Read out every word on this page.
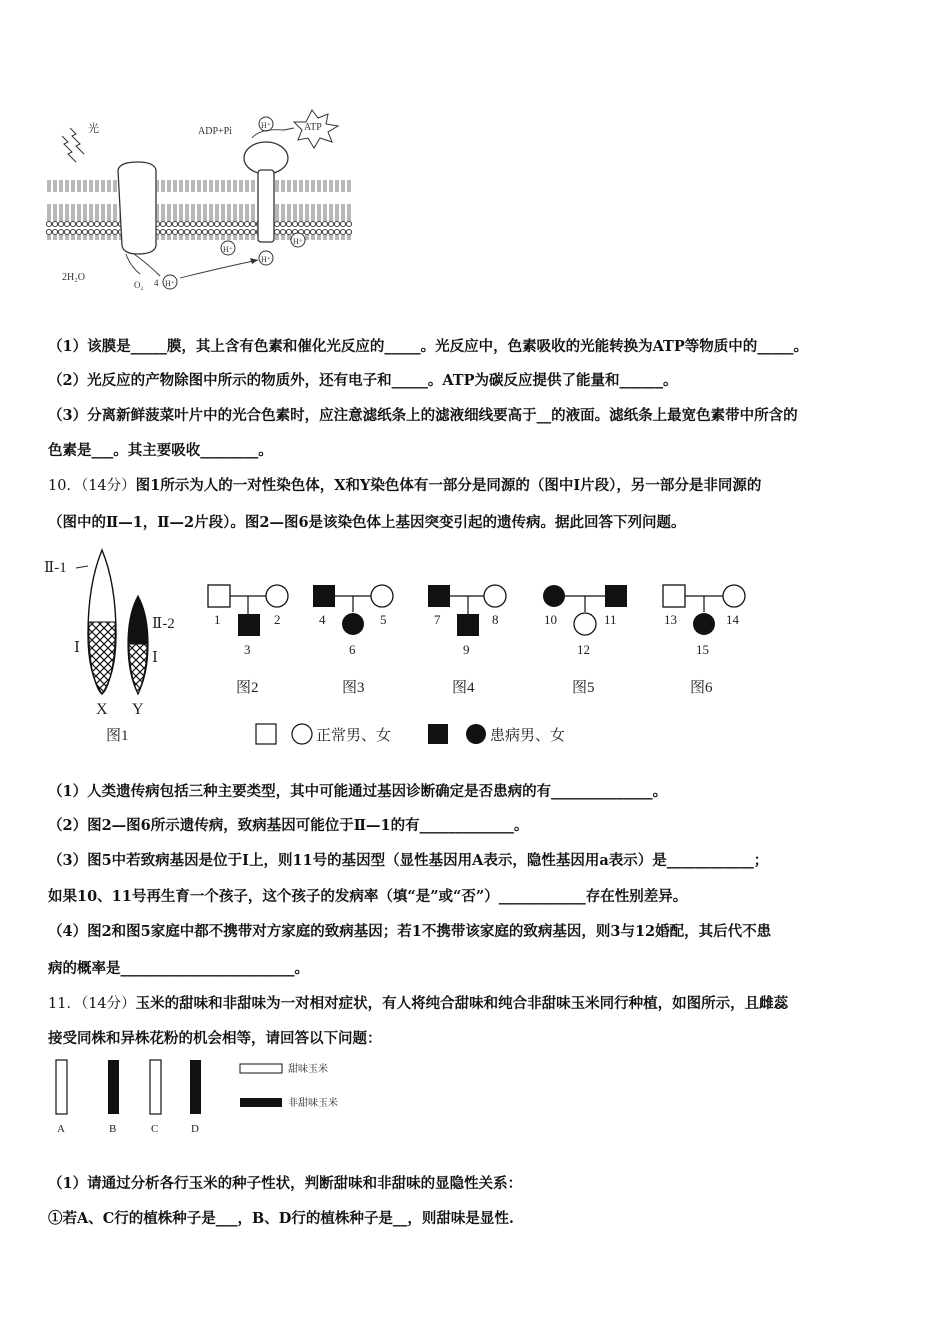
光	ATP
ADP+Pi
H⁺
H⁺
H⁺
H⁺
H⁺
2H₂O
O₂ 4
（1）该膜是_____膜，其上含有色素和催化光反应的_____。光反应中，色素吸收的光能转换为ATP等物质中的_____。
（2）光反应的产物除图中所示的物质外，还有电子和_____。ATP为碳反应提供了能量和______。
（3）分离新鲜菠菜叶片中的光合色素时，应注意滤纸条上的滤液细线要高于__的液面。滤纸条上最宽色素带中所含的
色素是___。其主要吸收________。
10．（14分）图1所示为人的一对性染色体，X和Y染色体有一部分是同源的（图中Ⅰ片段），另一部分是非同源的
（图中的Ⅱ—1，Ⅱ—2片段）。图2—图6是该染色体上基因突变引起的遗传病。据此回答下列问题。
Ⅱ-1
Ⅱ-2
Ⅰ
Ⅰ
X Y
图1
1	2
3
图2
4	5
6
图3
7	8
9
图4
10	11
12
图5
13	14
15
图6
正常男、女	患病男、女
（1）人类遗传病包括三种主要类型，其中可能通过基因诊断确定是否患病的有______________。
（2）图2—图6所示遗传病，致病基因可能位于Ⅱ—1的有_____________。
（3）图5中若致病基因是位于Ⅰ上，则11号的基因型（显性基因用A表示，隐性基因用a表示）是____________；
如果10、11号再生育一个孩子，这个孩子的发病率（填“是”或“否”）____________存在性别差异。
（4）图2和图5家庭中都不携带对方家庭的致病基因；若1不携带该家庭的致病基因，则3与12婚配，其后代不患
病的概率是________________________。
11．（14分）玉米的甜味和非甜味为一对相对症状，有人将纯合甜味和纯合非甜味玉米同行种植，如图所示，且雌蕊
接受同株和异株花粉的机会相等，请回答以下问题：
A	B	C	D
甜味玉米
非甜味玉米
（1）请通过分析各行玉米的种子性状，判断甜味和非甜味的显隐性关系：
①若A、C行的植株种子是___，B、D行的植株种子是__，则甜味是显性.
